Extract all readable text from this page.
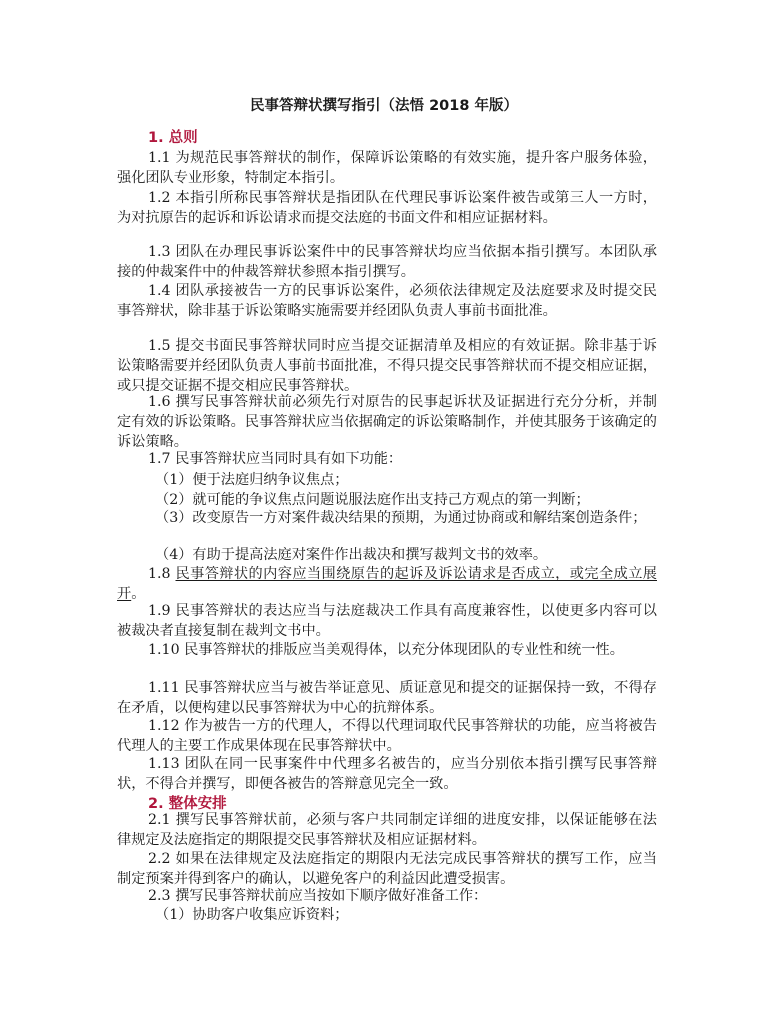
民事答辩状撰写指引（法悟 2018 年版）
1. 总则

1.1 为规范民事答辩状的制作，保障诉讼策略的有效实施，提升客户服务体验，强化团队专业形象，特制定本指引。

1.2 本指引所称民事答辩状是指团队在代理民事诉讼案件被告或第三人一方时，为对抗原告的起诉和诉讼请求而提交法庭的书面文件和相应证据材料。

1.3 团队在办理民事诉讼案件中的民事答辩状均应当依据本指引撰写。本团队承接的仲裁案件中的仲裁答辩状参照本指引撰写。

1.4 团队承接被告一方的民事诉讼案件，必须依法律规定及法庭要求及时提交民事答辩状，除非基于诉讼策略实施需要并经团队负责人事前书面批准。

1.5 提交书面民事答辩状同时应当提交证据清单及相应的有效证据。除非基于诉讼策略需要并经团队负责人事前书面批准，不得只提交民事答辩状而不提交相应证据，或只提交证据不提交相应民事答辩状。

1.6 撰写民事答辩状前必须先行对原告的民事起诉状及证据进行充分分析，并制定有效的诉讼策略。民事答辩状应当依据确定的诉讼策略制作，并使其服务于该确定的诉讼策略。

1.7 民事答辩状应当同时具有如下功能：

（1）便于法庭归纳争议焦点；

（2）就可能的争议焦点问题说服法庭作出支持己方观点的第一判断；

（3）改变原告一方对案件裁决结果的预期，为通过协商或和解结案创造条件；

（4）有助于提高法庭对案件作出裁决和撰写裁判文书的效率。

1.8 民事答辩状的内容应当围绕原告的起诉及诉讼请求是否成立，或完全成立展开。

1.9 民事答辩状的表达应当与法庭裁决工作具有高度兼容性，以使更多内容可以被裁决者直接复制在裁判文书中。

1.10 民事答辩状的排版应当美观得体，以充分体现团队的专业性和统一性。

1.11 民事答辩状应当与被告举证意见、质证意见和提交的证据保持一致，不得存在矛盾，以便构建以民事答辩状为中心的抗辩体系。

1.12 作为被告一方的代理人，不得以代理词取代民事答辩状的功能，应当将被告代理人的主要工作成果体现在民事答辩状中。

1.13 团队在同一民事案件中代理多名被告的，应当分别依本指引撰写民事答辩状，不得合并撰写，即便各被告的答辩意见完全一致。

2. 整体安排

2.1 撰写民事答辩状前，必须与客户共同制定详细的进度安排，以保证能够在法律规定及法庭指定的期限提交民事答辩状及相应证据材料。

2.2 如果在法律规定及法庭指定的期限内无法完成民事答辩状的撰写工作，应当制定预案并得到客户的确认，以避免客户的利益因此遭受损害。

2.3 撰写民事答辩状前应当按如下顺序做好准备工作：

（1）协助客户收集应诉资料；
